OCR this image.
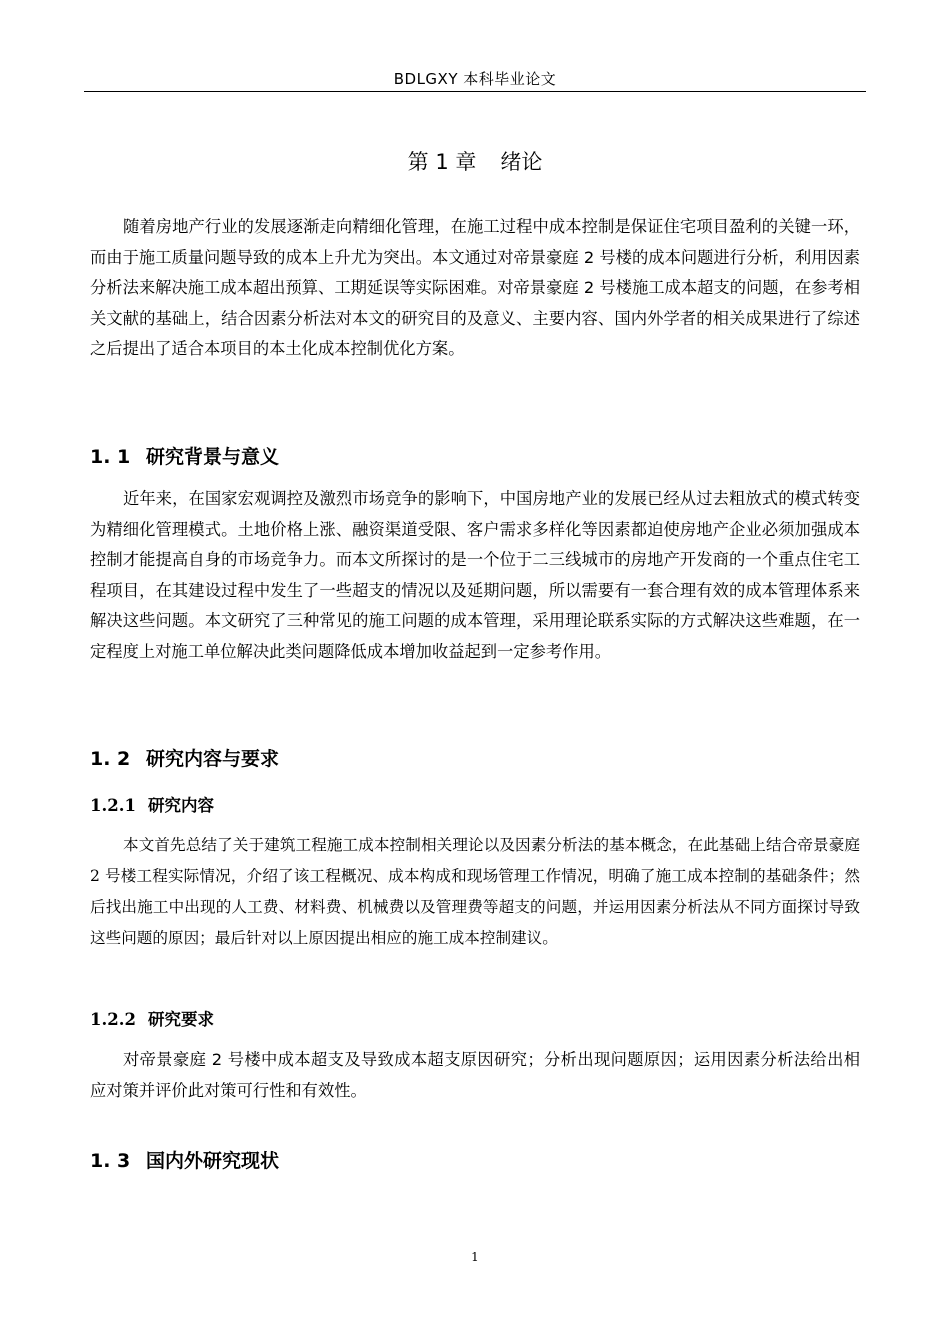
BDLGXY 本科毕业论文
第 1 章 绪论

随着房地产行业的发展逐渐走向精细化管理，在施工过程中成本控制是保证住宅项目盈利的关键一环，而由于施工质量问题导致的成本上升尤为突出。本文通过对帝景豪庭 2 号楼的成本问题进行分析，利用因素分析法来解决施工成本超出预算、工期延误等实际困难。对帝景豪庭 2 号楼施工成本超支的问题，在参考相关文献的基础上，结合因素分析法对本文的研究目的及意义、主要内容、国内外学者的相关成果进行了综述之后提出了适合本项目的本土化成本控制优化方案。

1. 1 研究背景与意义

近年来，在国家宏观调控及激烈市场竞争的影响下，中国房地产业的发展已经从过去粗放式的模式转变为精细化管理模式。土地价格上涨、融资渠道受限、客户需求多样化等因素都迫使房地产企业必须加强成本控制才能提高自身的市场竞争力。而本文所探讨的是一个位于二三线城市的房地产开发商的一个重点住宅工程项目，在其建设过程中发生了一些超支的情况以及延期问题，所以需要有一套合理有效的成本管理体系来解决这些问题。本文研究了三种常见的施工问题的成本管理，采用理论联系实际的方式解决这些难题，在一定程度上对施工单位解决此类问题降低成本增加收益起到一定参考作用。

1. 2 研究内容与要求
1.2.1 研究内容

本文首先总结了关于建筑工程施工成本控制相关理论以及因素分析法的基本概念，在此基础上结合帝景豪庭 2 号楼工程实际情况，介绍了该工程概况、成本构成和现场管理工作情况，明确了施工成本控制的基础条件；然后找出施工中出现的人工费、材料费、机械费以及管理费等超支的问题，并运用因素分析法从不同方面探讨导致这些问题的原因；最后针对以上原因提出相应的施工成本控制建议。

1.2.2 研究要求

对帝景豪庭 2 号楼中成本超支及导致成本超支原因研究；分析出现问题原因；运用因素分析法给出相应对策并评价此对策可行性和有效性。

1. 3 国内外研究现状
1
